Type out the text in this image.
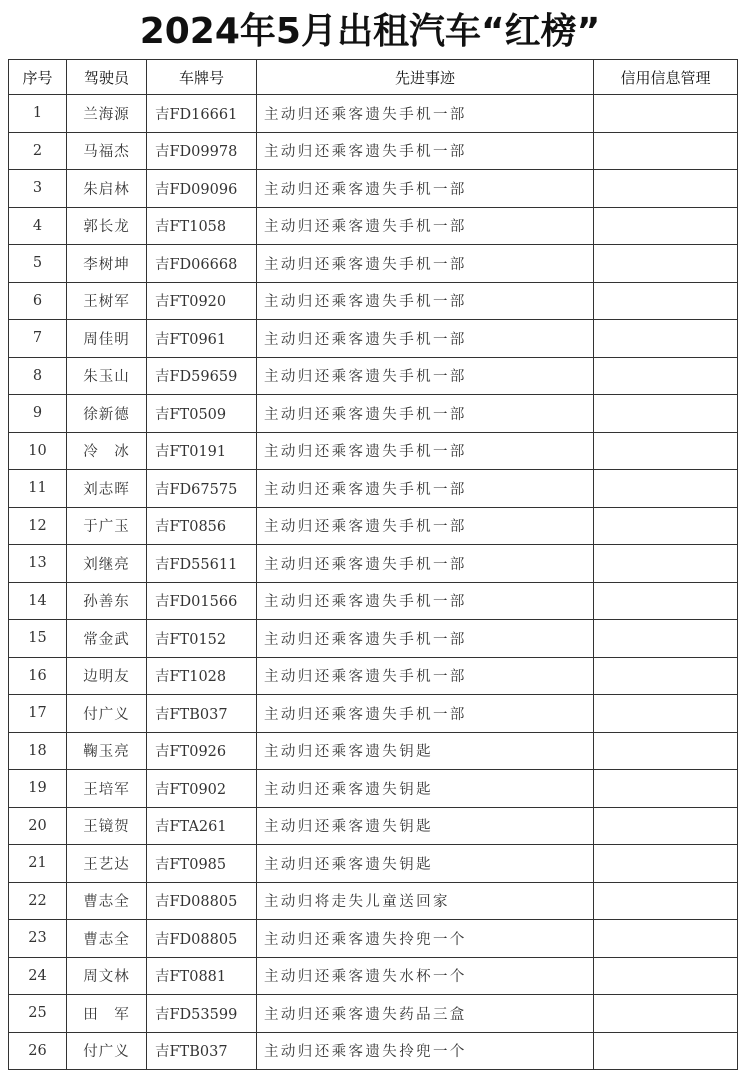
2024年5月出租汽车“红榜”
序号	驾驶员	车牌号	先进事迹	信用信息管理
1	兰海源	吉FD16661	主动归还乘客遗失手机一部	
2	马福杰	吉FD09978	主动归还乘客遗失手机一部	
3	朱启林	吉FD09096	主动归还乘客遗失手机一部	
4	郭长龙	吉FT1058	主动归还乘客遗失手机一部	
5	李树坤	吉FD06668	主动归还乘客遗失手机一部	
6	王树军	吉FT0920	主动归还乘客遗失手机一部	
7	周佳明	吉FT0961	主动归还乘客遗失手机一部	
8	朱玉山	吉FD59659	主动归还乘客遗失手机一部	
9	徐新德	吉FT0509	主动归还乘客遗失手机一部	
10	冷　冰	吉FT0191	主动归还乘客遗失手机一部	
11	刘志晖	吉FD67575	主动归还乘客遗失手机一部	
12	于广玉	吉FT0856	主动归还乘客遗失手机一部	
13	刘继亮	吉FD55611	主动归还乘客遗失手机一部	
14	孙善东	吉FD01566	主动归还乘客遗失手机一部	
15	常金武	吉FT0152	主动归还乘客遗失手机一部	
16	边明友	吉FT1028	主动归还乘客遗失手机一部	
17	付广义	吉FTB037	主动归还乘客遗失手机一部	
18	鞠玉亮	吉FT0926	主动归还乘客遗失钥匙	
19	王培军	吉FT0902	主动归还乘客遗失钥匙	
20	王镜贺	吉FTA261	主动归还乘客遗失钥匙	
21	王艺达	吉FT0985	主动归还乘客遗失钥匙	
22	曹志全	吉FD08805	主动归将走失儿童送回家	
23	曹志全	吉FD08805	主动归还乘客遗失拎兜一个	
24	周文林	吉FT0881	主动归还乘客遗失水杯一个	
25	田　军	吉FD53599	主动归还乘客遗失药品三盒	
26	付广义	吉FTB037	主动归还乘客遗失拎兜一个	
